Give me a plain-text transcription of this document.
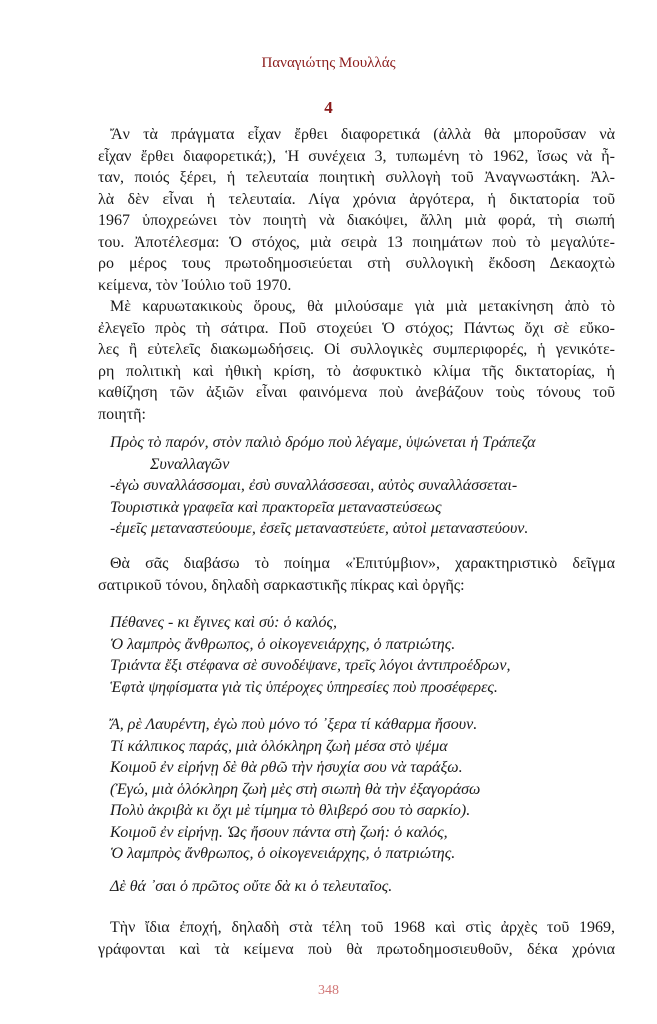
Παναγιώτης Μουλλάς
4
Ἄν τὰ πράγματα εἶχαν ἔρθει διαφορετικά (ἀλλὰ θὰ μποροῦσαν νὰ
εἶχαν ἔρθει διαφορετικά;), Ἡ συνέχεια 3, τυπωμένη τὸ 1962, ἴσως νὰ ἦ-
ταν, ποιός ξέρει, ἡ τελευταία ποιητικὴ συλλογὴ τοῦ Ἀναγνωστάκη. Ἀλ-
λὰ δὲν εἶναι ἡ τελευταία. Λίγα χρόνια ἀργότερα, ἡ δικτατορία τοῦ
1967 ὑποχρεώνει τὸν ποιητὴ νὰ διακόψει, ἄλλη μιὰ φορά, τὴ σιωπή
του. Ἀποτέλεσμα: Ὁ στόχος, μιὰ σειρὰ 13 ποιημάτων ποὺ τὸ μεγαλύτε-
ρο μέρος τους πρωτοδημοσιεύεται στὴ συλλογικὴ ἔκδοση Δεκαοχτὼ
κείμενα, τὸν Ἰούλιο τοῦ 1970.
Μὲ καρυωτακικοὺς ὅρους, θὰ μιλούσαμε γιὰ μιὰ μετακίνηση ἀπὸ τὸ
ἐλεγεῖο πρὸς τὴ σάτιρα. Ποῦ στοχεύει Ὁ στόχος; Πάντως ὄχι σὲ εὔκο-
λες ἢ εὐτελεῖς διακωμωδήσεις. Οἱ συλλογικὲς συμπεριφορές, ἡ γενικότε-
ρη πολιτικὴ καὶ ἠθικὴ κρίση, τὸ ἀσφυκτικὸ κλίμα τῆς δικτατορίας, ἡ
καθίζηση τῶν ἀξιῶν εἶναι φαινόμενα ποὺ ἀνεβάζουν τοὺς τόνους τοῦ
ποιητῆ:
Πρὸς τὸ παρόν, στὸν παλιὸ δρόμο ποὺ λέγαμε, ὑψώνεται ἡ Τράπεζα
Συναλλαγῶν
-ἐγὼ συναλλάσσομαι, ἐσὺ συναλλάσσεσαι, αὐτὸς συναλλάσσεται-
Τουριστικὰ γραφεῖα καὶ πρακτορεῖα μεταναστεύσεως
-ἐμεῖς μεταναστεύουμε, ἐσεῖς μεταναστεύετε, αὐτοὶ μεταναστεύουν.
Θὰ σᾶς διαβάσω τὸ ποίημα «Ἐπιτύμβιον», χαρακτηριστικὸ δεῖγμα
σατιρικοῦ τόνου, δηλαδὴ σαρκαστικῆς πίκρας καὶ ὀργῆς:
Πέθανες - κι ἔγινες καὶ σύ: ὁ καλός,
Ὁ λαμπρὸς ἄνθρωπος, ὁ οἰκογενειάρχης, ὁ πατριώτης.
Τριάντα ἔξι στέφανα σὲ συνοδέψανε, τρεῖς λόγοι ἀντιπροέδρων,
Ἑφτὰ ψηφίσματα γιὰ τὶς ὑπέροχες ὑπηρεσίες ποὺ προσέφερες.
Ἄ, ρὲ Λαυρέντη, ἐγὼ ποὺ μόνο τό ᾽ξερα τί κάθαρμα ἤσουν.
Τί κάλπικος παράς, μιὰ ὁλόκληρη ζωὴ μέσα στὸ ψέμα
Κοιμοῦ ἐν εἰρήνῃ δὲ θὰ ρθῶ τὴν ἡσυχία σου νὰ ταράξω.
(Ἐγώ, μιὰ ὁλόκληρη ζωὴ μὲς στὴ σιωπὴ θὰ τὴν ἐξαγοράσω
Πολὺ ἀκριβὰ κι ὄχι μὲ τίμημα τὸ θλιβερό σου τὸ σαρκίο).
Κοιμοῦ ἐν εἰρήνῃ. Ὡς ἤσουν πάντα στὴ ζωή: ὁ καλός,
Ὁ λαμπρὸς ἄνθρωπος, ὁ οἰκογενειάρχης, ὁ πατριώτης.
Δὲ θά ᾽σαι ὁ πρῶτος οὔτε δὰ κι ὁ τελευταῖος.
Τὴν ἴδια ἐποχή, δηλαδὴ στὰ τέλη τοῦ 1968 καὶ στὶς ἀρχὲς τοῦ 1969,
γράφονται καὶ τὰ κείμενα ποὺ θὰ πρωτοδημοσιευθοῦν, δέκα χρόνια
348
